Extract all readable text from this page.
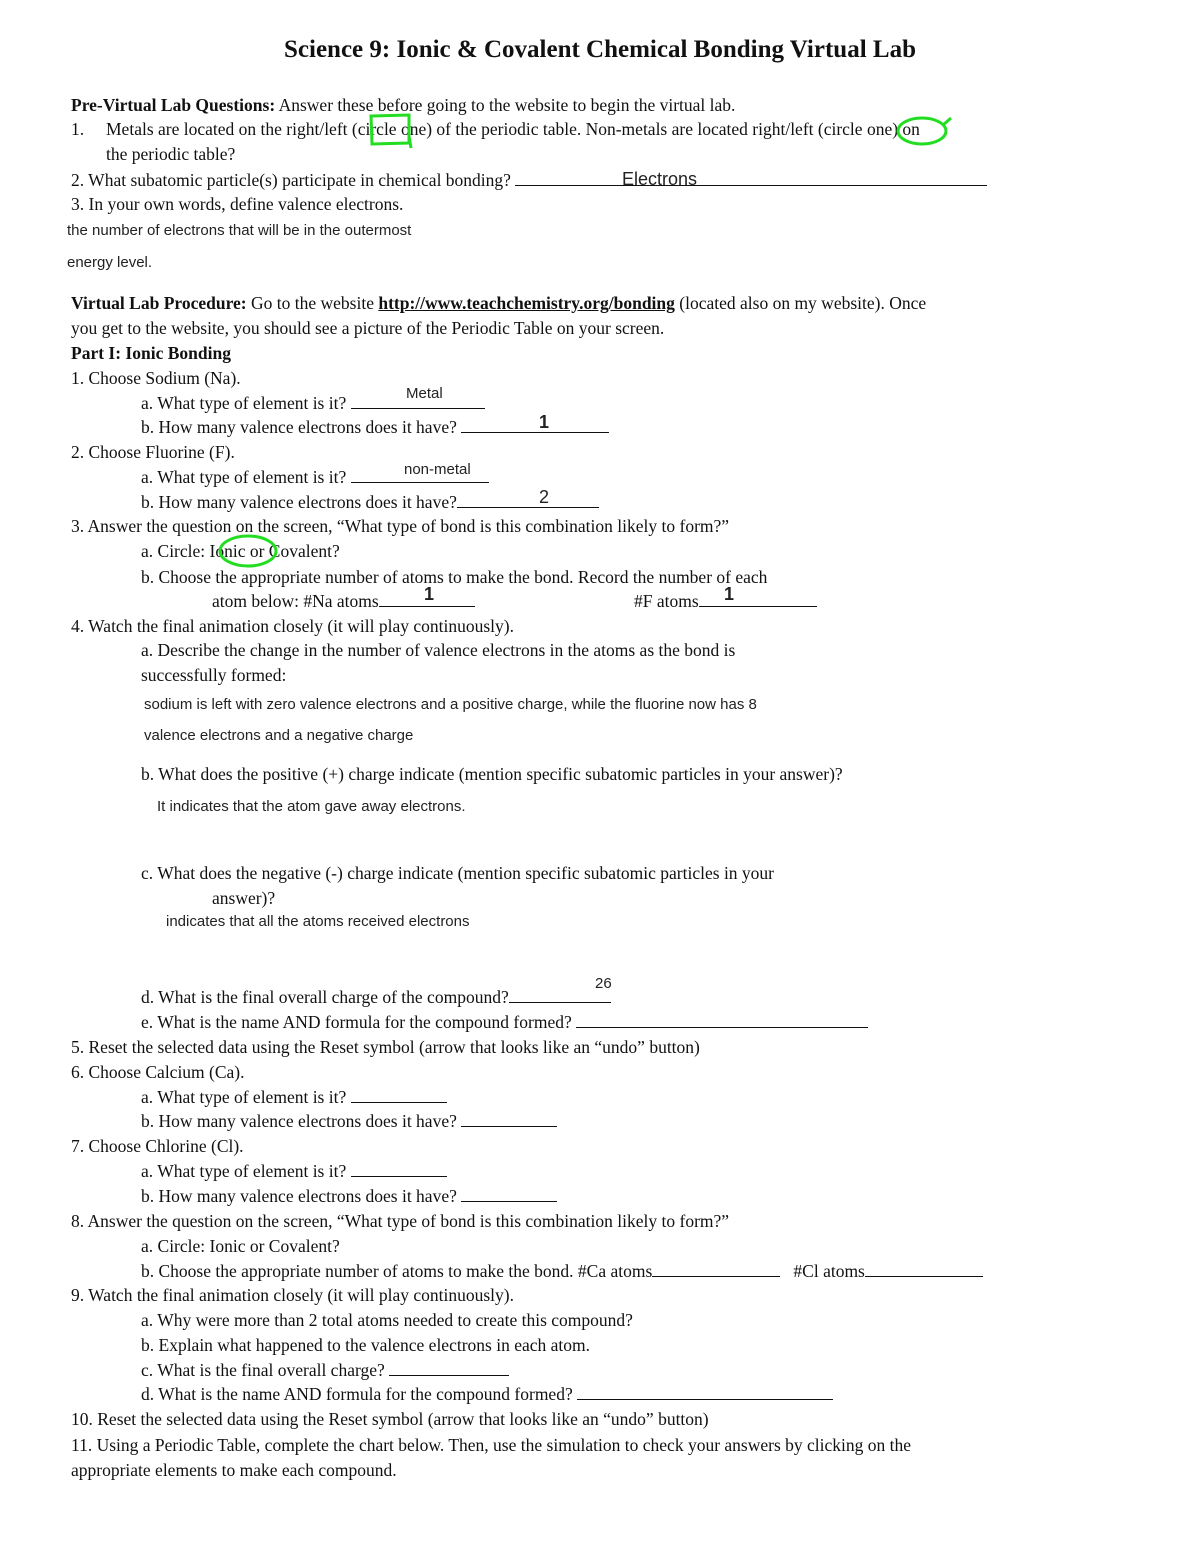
Science 9: Ionic & Covalent Chemical Bonding Virtual Lab
Pre-Virtual Lab Questions: Answer these before going to the website to begin the virtual lab.
1. Metals are located on the right/left (circle one) of the periodic table. Non-metals are located right/left (circle one) on
the periodic table?
2. What subatomic particle(s) participate in chemical bonding?	Electrons
3. In your own words, define valence electrons.
the number of electrons that will be in the outermost
energy level.
Virtual Lab Procedure: Go to the website http://www.teachchemistry.org/bonding (located also on my website). Once
you get to the website, you should see a picture of the Periodic Table on your screen.
Part I: Ionic Bonding
1. Choose Sodium (Na).
a. What type of element is it?	Metal
b. How many valence electrons does it have?	1
2. Choose Fluorine (F).
a. What type of element is it?	non-metal
b. How many valence electrons does it have?	2
3. Answer the question on the screen, “What type of bond is this combination likely to form?”
a. Circle: Ionic or Covalent?
b. Choose the appropriate number of atoms to make the bond. Record the number of each
atom below: #Na atoms	1	#F atoms	1
4. Watch the final animation closely (it will play continuously).
a. Describe the change in the number of valence electrons in the atoms as the bond is
successfully formed:
sodium is left with zero valence electrons and a positive charge, while the fluorine now has 8
valence electrons and a negative charge
b. What does the positive (+) charge indicate (mention specific subatomic particles in your answer)?
It indicates that the atom gave away electrons.
c. What does the negative (-) charge indicate (mention specific subatomic particles in your
answer)?
indicates that all the atoms received electrons
d. What is the final overall charge of the compound?
26
e. What is the name AND formula for the compound formed?
5. Reset the selected data using the Reset symbol (arrow that looks like an “undo” button)
6. Choose Calcium (Ca).
a. What type of element is it?
b. How many valence electrons does it have?
7. Choose Chlorine (Cl).
a. What type of element is it?
b. How many valence electrons does it have?
8. Answer the question on the screen, “What type of bond is this combination likely to form?”
a. Circle: Ionic or Covalent?
b. Choose the appropriate number of atoms to make the bond. #Ca atoms	#Cl atoms
9. Watch the final animation closely (it will play continuously).
a. Why were more than 2 total atoms needed to create this compound?
b. Explain what happened to the valence electrons in each atom.
c. What is the final overall charge?
d. What is the name AND formula for the compound formed?
10. Reset the selected data using the Reset symbol (arrow that looks like an “undo” button)
11. Using a Periodic Table, complete the chart below. Then, use the simulation to check your answers by clicking on the
appropriate elements to make each compound.
